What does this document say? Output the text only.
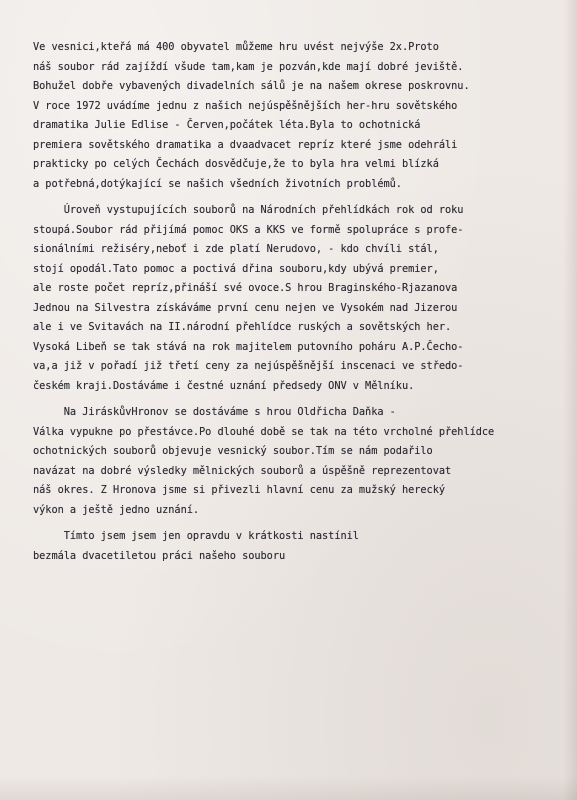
Ve vesnici,kteřá má 400 obyvatel můžeme hru uvést nejvýše 2x.Proto
náš soubor rád zajíždí všude tam,kam je pozván,kde mají dobré jeviště.
Bohužel dobře vybavených divadelních sálů je na našem okrese poskrovnu.
V roce 1972 uvádíme jednu z našich nejúspěšnějších her-hru sovětského
dramatika Julie Edlise - Červen,počátek léta.Byla to ochotnická
premiera sovětského dramatika a dvaadvacet repríz které jsme odehráli
prakticky po celých Čechách dosvědčuje,že to byla hra velmi blízká
a potřebná,dotýkající se našich všedních životních problémů.
Úroveň vystupujících souborů na Národních přehlídkách rok od roku
stoupá.Soubor rád přijímá pomoc OKS a KKS ve formě spolupráce s profe-
sionálními režiséry,neboť i zde platí Nerudovo, - kdo chvíli stál,
stojí opodál.Tato pomoc a poctivá dřina souboru,kdy ubývá premier,
ale roste počet repríz,přináší své ovoce.S hrou Braginského-Rjazanova
Jednou na Silvestra získáváme první cenu nejen ve Vysokém nad Jizerou
ale i ve Svitavách na II.národní přehlídce ruských a sovětských her.
Vysoká Libeň se tak stává na rok majitelem putovního poháru A.P.Čecho-
va,a již v pořadí již třetí ceny za nejúspěšnější inscenaci ve středo-
českém kraji.Dostáváme i čestné uznání předsedy ONV v Mělníku.
Na JiráskůvHronov se dostáváme s hrou Oldřicha Daňka -
Válka vypukne po přestávce.Po dlouhé době se tak na této vrcholné přehlídce
ochotnických souborů objevuje vesnický soubor.Tím se nám podařilo
navázat na dobré výsledky mělnických souborů a úspěšně reprezentovat
náš okres. Z Hronova jsme si přivezli hlavní cenu za mužský herecký
výkon a ještě jedno uznání.
Tímto jsem jsem jen opravdu v krátkosti nastínil
bezmála dvacetiletou práci našeho souboru
